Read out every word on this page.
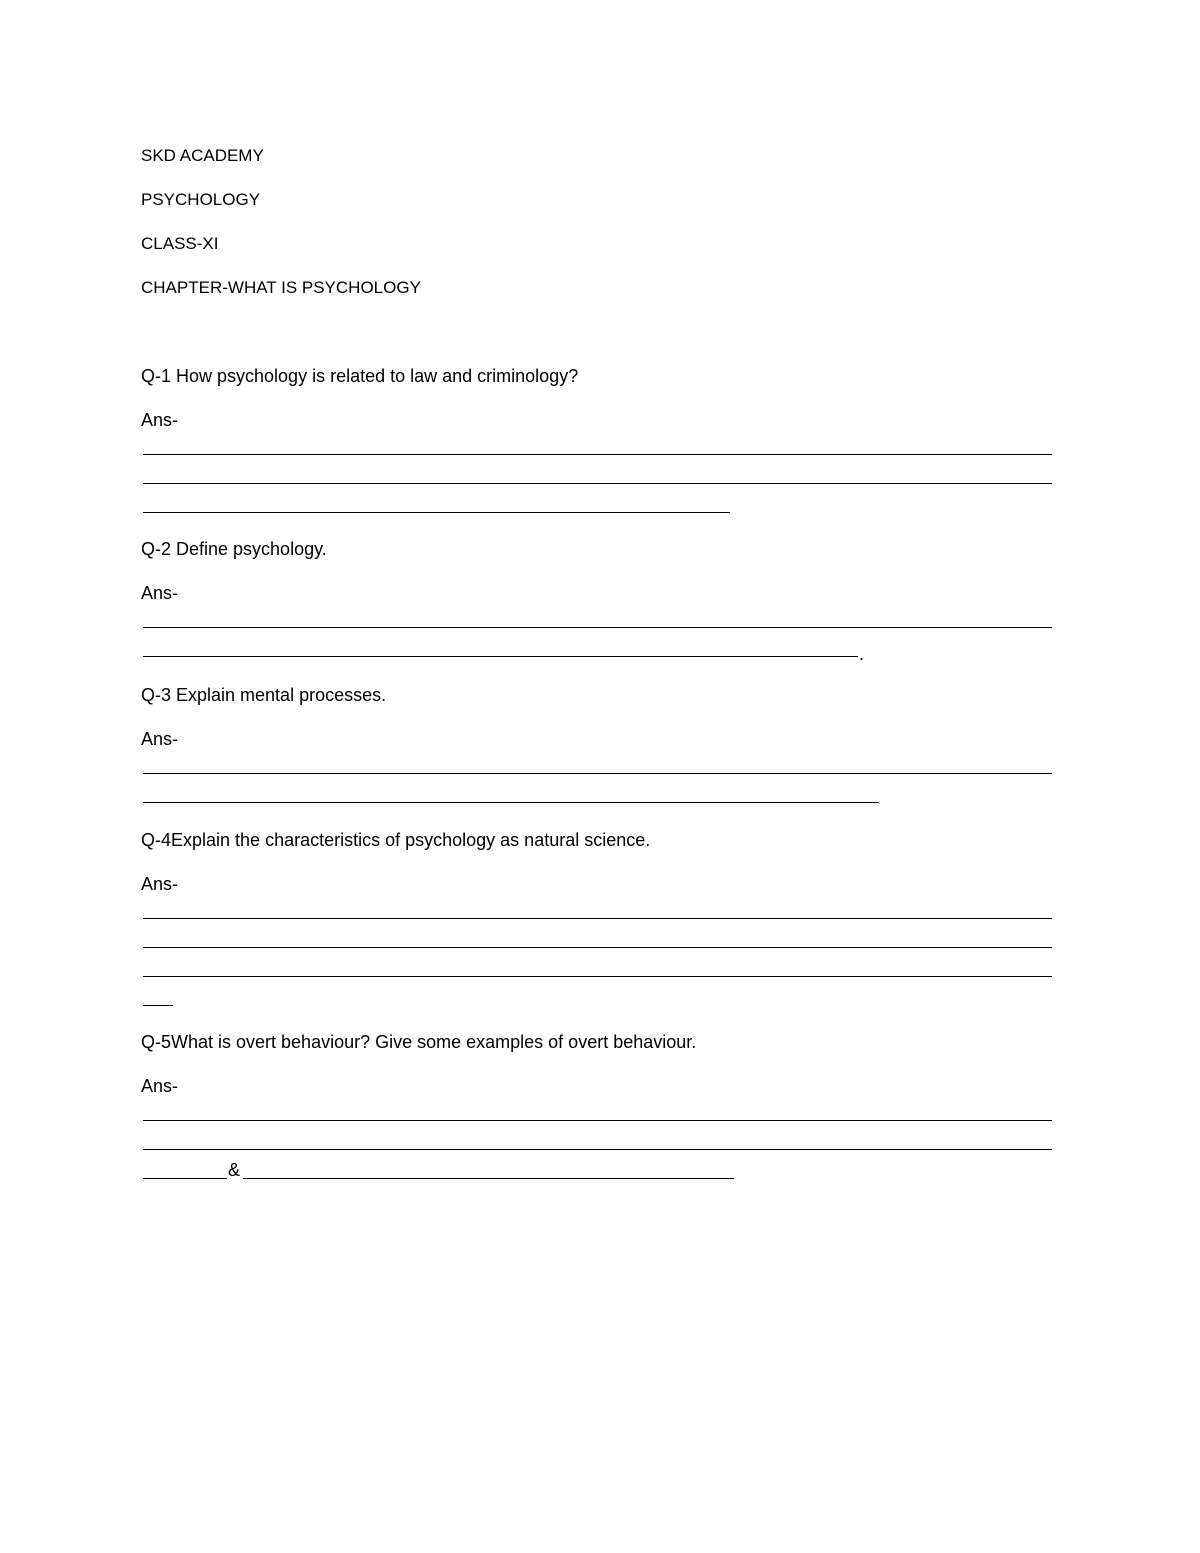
SKD ACADEMY
PSYCHOLOGY
CLASS-XI
CHAPTER-WHAT IS PSYCHOLOGY
Q-1 How psychology is related to law and criminology?
Ans-
Q-2 Define psychology.
Ans-
.
Q-3 Explain mental processes.
Ans-
Q-4Explain the characteristics of psychology as natural science.
Ans-
Q-5What is overt behaviour? Give some examples of overt behaviour.
Ans-
&
